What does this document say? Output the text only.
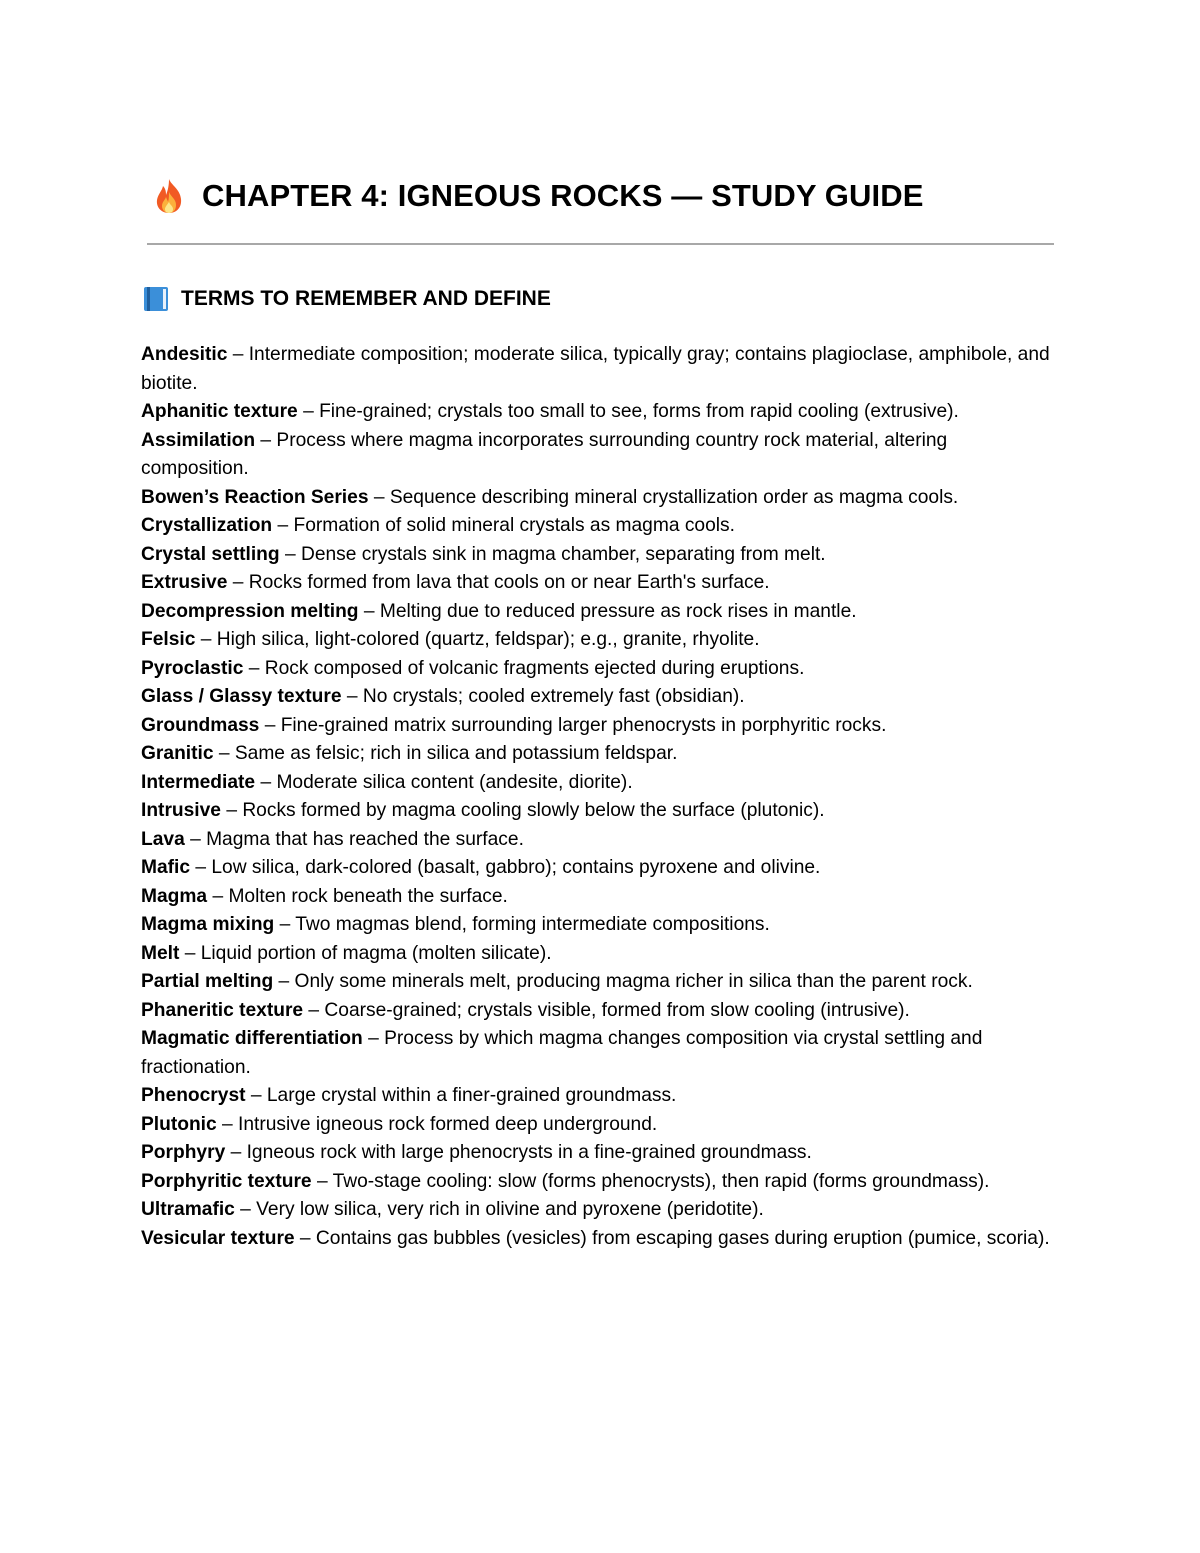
CHAPTER 4: IGNEOUS ROCKS — STUDY GUIDE
TERMS TO REMEMBER AND DEFINE

Andesitic – Intermediate composition; moderate silica, typically gray; contains plagioclase, amphibole, and biotite.

Aphanitic texture – Fine-grained; crystals too small to see, forms from rapid cooling (extrusive).

Assimilation – Process where magma incorporates surrounding country rock material, altering composition.

Bowen’s Reaction Series – Sequence describing mineral crystallization order as magma cools.

Crystallization – Formation of solid mineral crystals as magma cools.

Crystal settling – Dense crystals sink in magma chamber, separating from melt.

Extrusive – Rocks formed from lava that cools on or near Earth's surface.

Decompression melting – Melting due to reduced pressure as rock rises in mantle.

Felsic – High silica, light-colored (quartz, feldspar); e.g., granite, rhyolite.

Pyroclastic – Rock composed of volcanic fragments ejected during eruptions.

Glass / Glassy texture – No crystals; cooled extremely fast (obsidian).

Groundmass – Fine-grained matrix surrounding larger phenocrysts in porphyritic rocks.

Granitic – Same as felsic; rich in silica and potassium feldspar.

Intermediate – Moderate silica content (andesite, diorite).

Intrusive – Rocks formed by magma cooling slowly below the surface (plutonic).

Lava – Magma that has reached the surface.

Mafic – Low silica, dark-colored (basalt, gabbro); contains pyroxene and olivine.

Magma – Molten rock beneath the surface.

Magma mixing – Two magmas blend, forming intermediate compositions.

Melt – Liquid portion of magma (molten silicate).

Partial melting – Only some minerals melt, producing magma richer in silica than the parent rock.

Phaneritic texture – Coarse-grained; crystals visible, formed from slow cooling (intrusive).

Magmatic differentiation – Process by which magma changes composition via crystal settling and fractionation.

Phenocryst – Large crystal within a finer-grained groundmass.

Plutonic – Intrusive igneous rock formed deep underground.

Porphyry – Igneous rock with large phenocrysts in a fine-grained groundmass.

Porphyritic texture – Two-stage cooling: slow (forms phenocrysts), then rapid (forms groundmass).

Ultramafic – Very low silica, very rich in olivine and pyroxene (peridotite).

Vesicular texture – Contains gas bubbles (vesicles) from escaping gases during eruption (pumice, scoria).
